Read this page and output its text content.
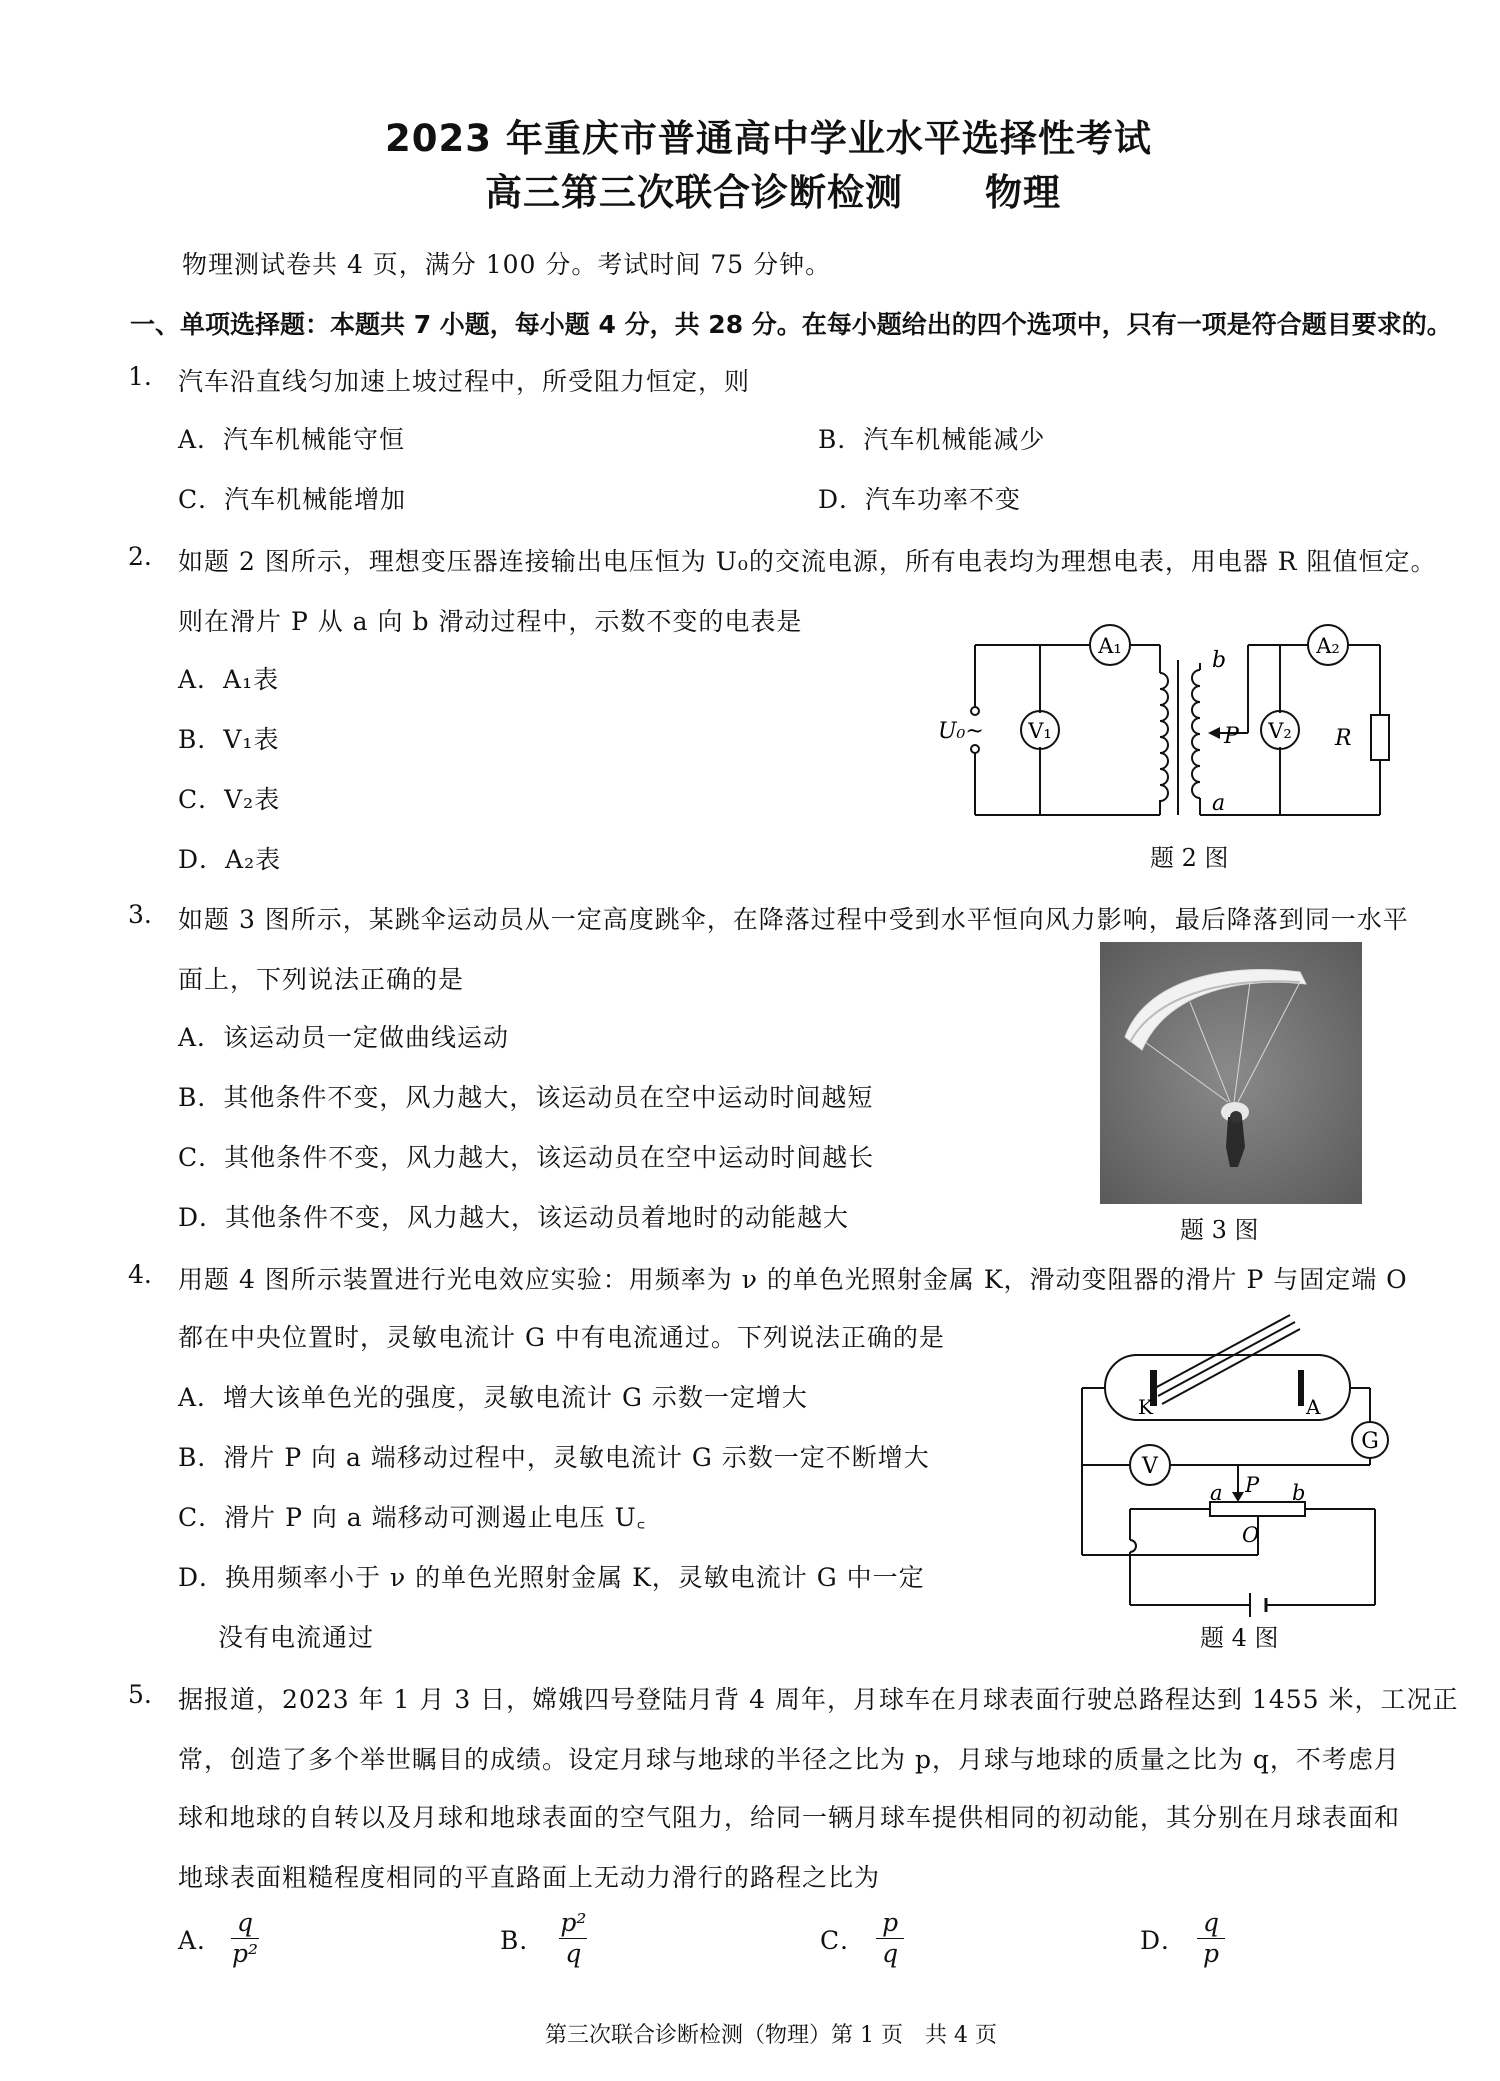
2023 年重庆市普通高中学业水平选择性考试
高三第三次联合诊断检测 物理
物理测试卷共 4 页，满分 100 分。考试时间 75 分钟。
一、单项选择题：本题共 7 小题，每小题 4 分，共 28 分。在每小题给出的四个选项中，只有一项是符合题目要求的。
1. 汽车沿直线匀加速上坡过程中，所受阻力恒定，则
A．汽车机械能守恒	B．汽车机械能减少
C．汽车机械能增加	D．汽车功率不变
2. 如题 2 图所示，理想变压器连接输出电压恒为 U₀的交流电源，所有电表均为理想电表，用电器 R 阻值恒定。
则在滑片 P 从 a 向 b 滑动过程中，示数不变的电表是
A．A₁表
B．V₁表
C．V₂表
D．A₂表
A₁	A₂
V₁	V₂
U₀~
b
a
P	R
题 2 图
3. 如题 3 图所示，某跳伞运动员从一定高度跳伞，在降落过程中受到水平恒向风力影响，最后降落到同一水平
面上，下列说法正确的是
A．该运动员一定做曲线运动
B．其他条件不变，风力越大，该运动员在空中运动时间越短
C．其他条件不变，风力越大，该运动员在空中运动时间越长
D．其他条件不变，风力越大，该运动员着地时的动能越大	题 3 图
4. 用题 4 图所示装置进行光电效应实验：用频率为 ν 的单色光照射金属 K，滑动变阻器的滑片 P 与固定端 O
都在中央位置时，灵敏电流计 G 中有电流通过。下列说法正确的是
A．增大该单色光的强度，灵敏电流计 G 示数一定增大
B．滑片 P 向 a 端移动过程中，灵敏电流计 G 示数一定不断增大
C．滑片 P 向 a 端移动可测遏止电压 U꜀
D．换用频率小于 ν 的单色光照射金属 K，灵敏电流计 G 中一定
没有电流通过
G
V
K	A
a P b
O
题 4 图
5. 据报道，2023 年 1 月 3 日，嫦娥四号登陆月背 4 周年，月球车在月球表面行驶总路程达到 1455 米，工况正
常，创造了多个举世瞩目的成绩。设定月球与地球的半径之比为 p，月球与地球的质量之比为 q，不考虑月
球和地球的自转以及月球和地球表面的空气阻力，给同一辆月球车提供相同的初动能，其分别在月球表面和
地球表面粗糙程度相同的平直路面上无动力滑行的路程之比为
A． $\frac{q}{\text{p²}}$	B． $\frac{\text{p²}}{q}$	C． $\frac{p}{q}$	D． $\frac{q}{p}$
第三次联合诊断检测（物理）第 1 页　共 4 页
